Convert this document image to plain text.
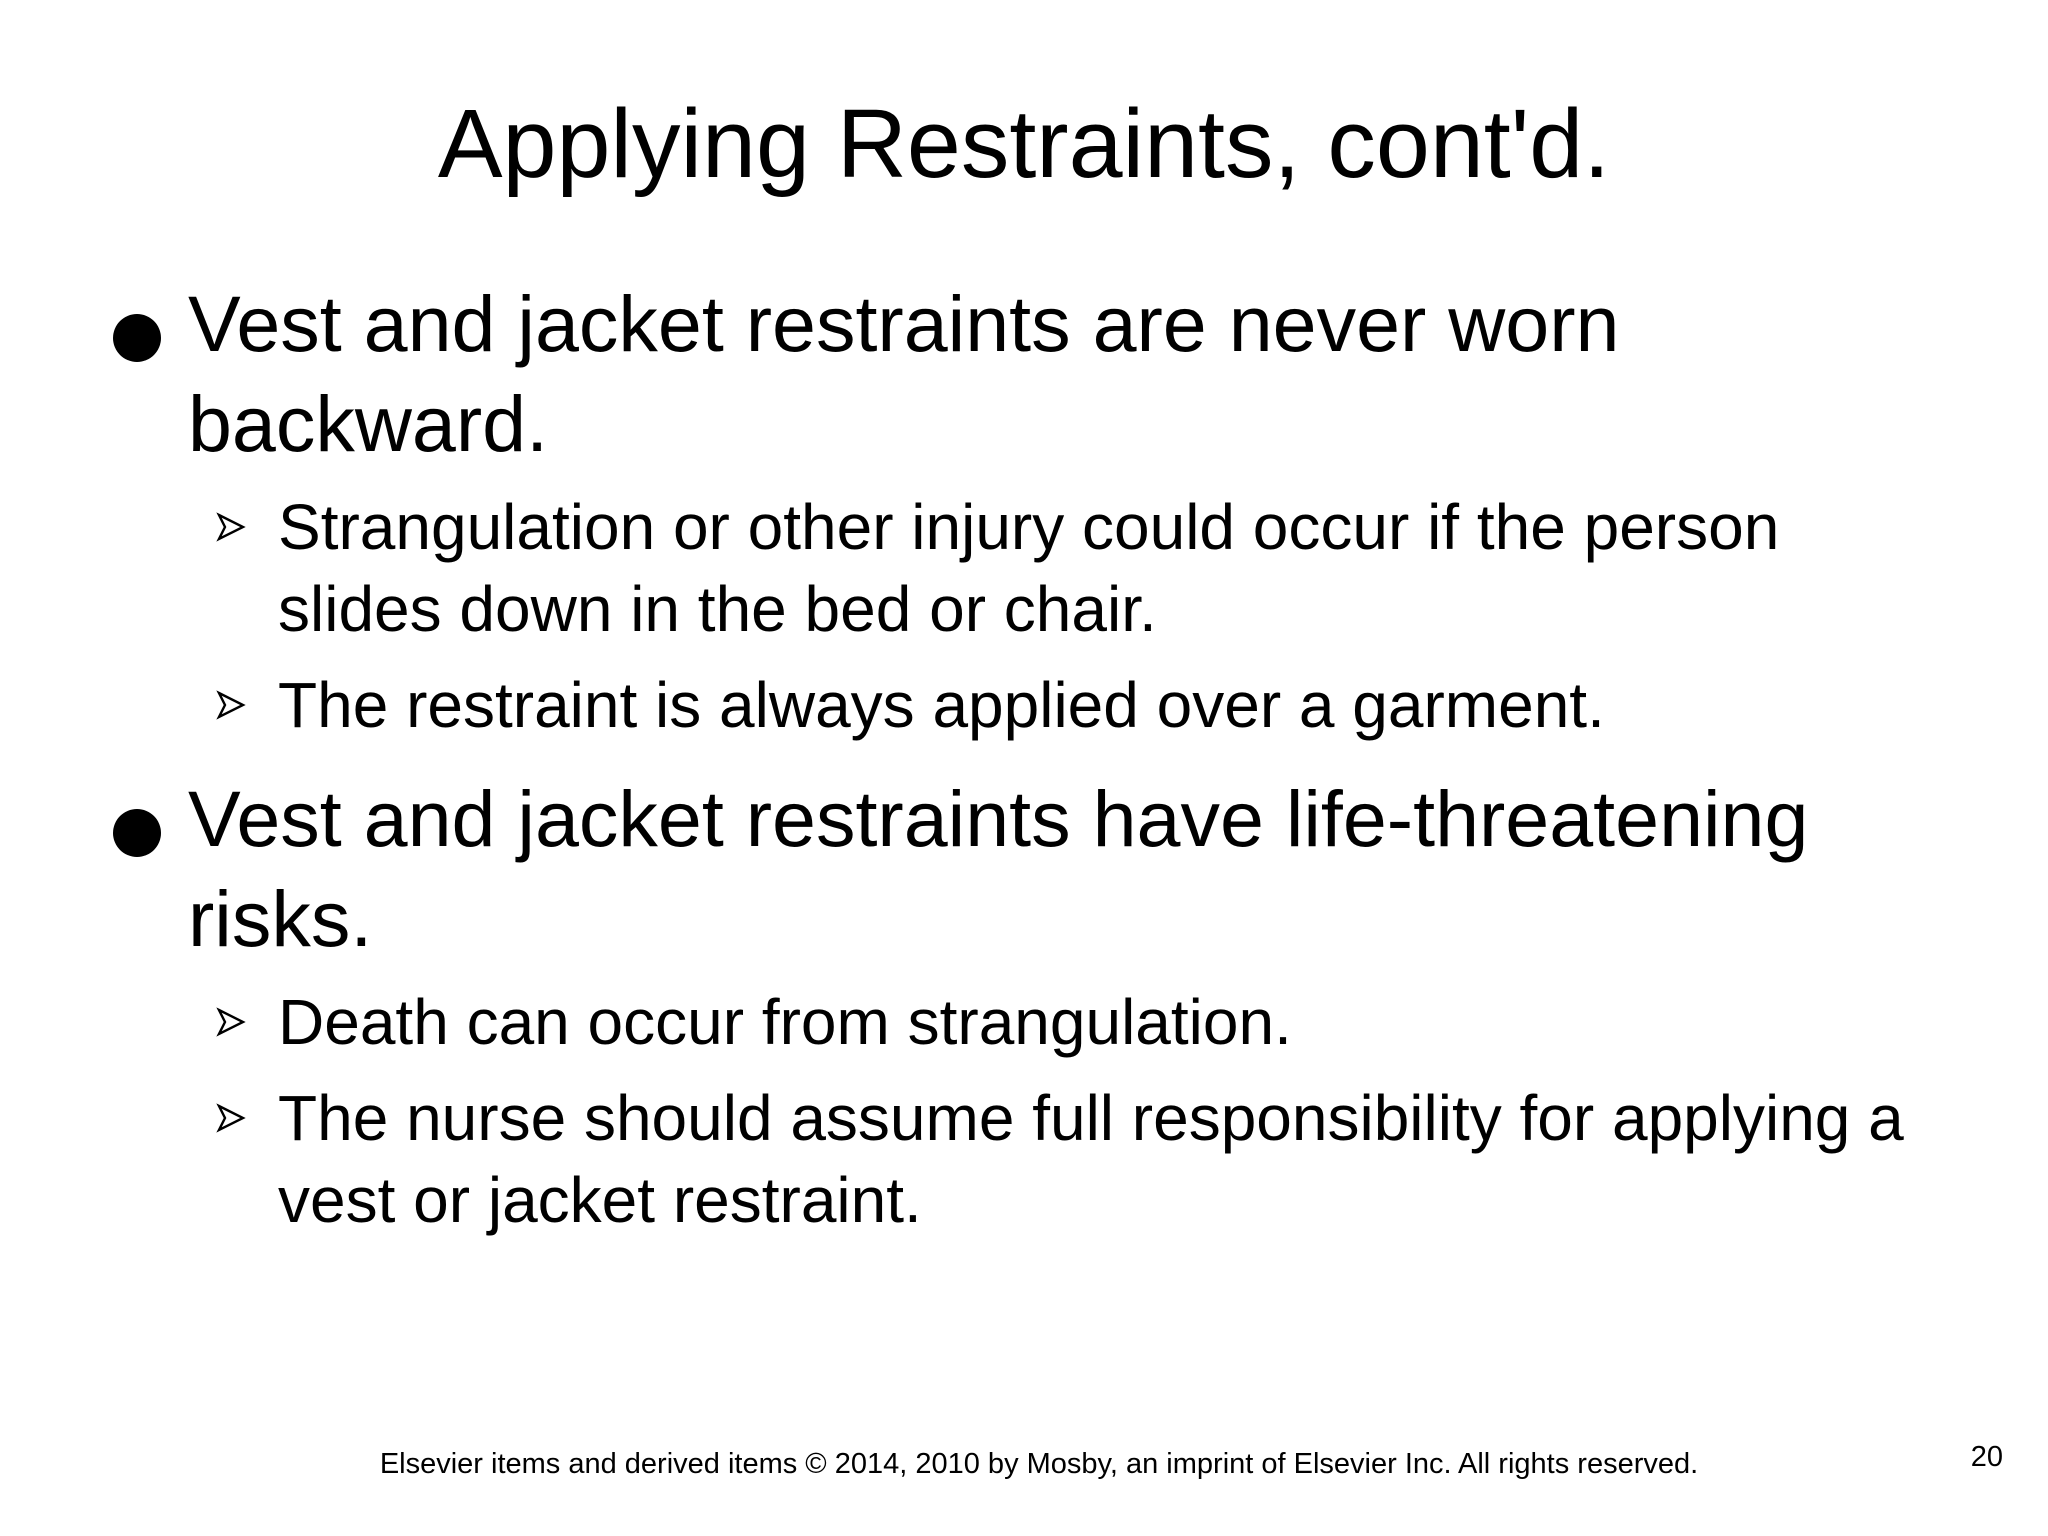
Applying Restraints, cont'd.
Vest and jacket restraints are never worn backward.
Strangulation or other injury could occur if the person slides down in the bed or chair.
The restraint is always applied over a garment.
Vest and jacket restraints have life-threatening risks.
Death can occur from strangulation.
The nurse should assume full responsibility for applying a vest or jacket restraint.
Elsevier items and derived items © 2014, 2010 by Mosby, an imprint of Elsevier Inc. All rights reserved.	20
